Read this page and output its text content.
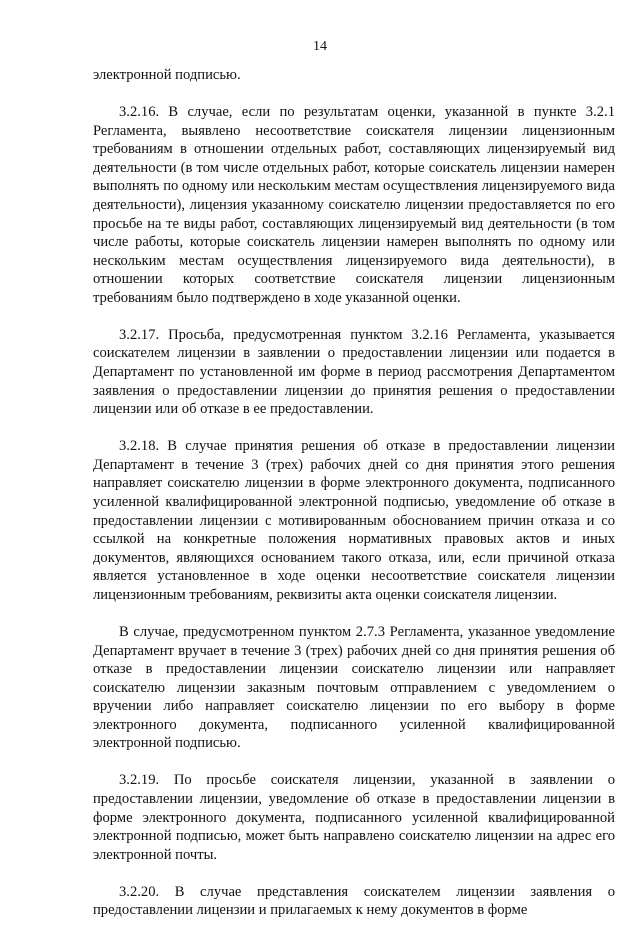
14

электронной подписью.

3.2.16. В случае, если по результатам оценки, указанной в пункте 3.2.1 Регламента, выявлено несоответствие соискателя лицензии лицензионным требованиям в отношении отдельных работ, составляющих лицензируемый вид деятельности (в том числе отдельных работ, которые соискатель лицензии намерен выполнять по одному или нескольким местам осуществления лицензируемого вида деятельности), лицензия указанному соискателю лицензии предоставляется по его просьбе на те виды работ, составляющих лицензируемый вид деятельности (в том числе работы, которые соискатель лицензии намерен выполнять по одному или нескольким местам осуществления лицензируемого вида деятельности), в отношении которых соответствие соискателя лицензии лицензионным требованиям было подтверждено в ходе указанной оценки.

3.2.17. Просьба, предусмотренная пунктом 3.2.16 Регламента, указывается соискателем лицензии в заявлении о предоставлении лицензии или подается в Департамент по установленной им форме в период рассмотрения Департаментом заявления о предоставлении лицензии до принятия решения о предоставлении лицензии или об отказе в ее предоставлении.

3.2.18. В случае принятия решения об отказе в предоставлении лицензии Департамент в течение 3 (трех) рабочих дней со дня принятия этого решения направляет соискателю лицензии в форме электронного документа, подписанного усиленной квалифицированной электронной подписью, уведомление об отказе в предоставлении лицензии с мотивированным обоснованием причин отказа и со ссылкой на конкретные положения нормативных правовых актов и иных документов, являющихся основанием такого отказа, или, если причиной отказа является установленное в ходе оценки несоответствие соискателя лицензии лицензионным требованиям, реквизиты акта оценки соискателя лицензии.

В случае, предусмотренном пунктом 2.7.3 Регламента, указанное уведомление Департамент вручает в течение 3 (трех) рабочих дней со дня принятия решения об отказе в предоставлении лицензии соискателю лицензии или направляет соискателю лицензии заказным почтовым отправлением с уведомлением о вручении либо направляет соискателю лицензии по его выбору в форме электронного документа, подписанного усиленной квалифицированной электронной подписью.

3.2.19. По просьбе соискателя лицензии, указанной в заявлении о предоставлении лицензии, уведомление об отказе в предоставлении лицензии в форме электронного документа, подписанного усиленной квалифицированной электронной подписью, может быть направлено соискателю лицензии на адрес его электронной почты.

3.2.20. В случае представления соискателем лицензии заявления о предоставлении лицензии и прилагаемых к нему документов в форме
